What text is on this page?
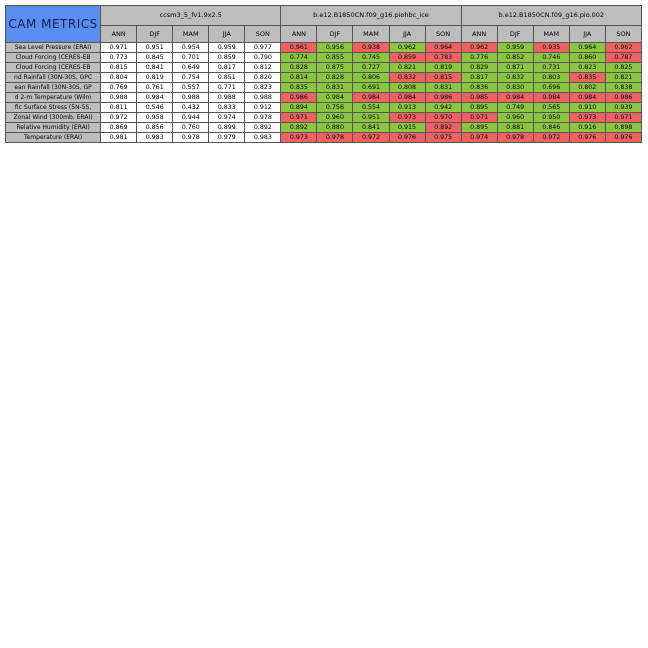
CAM METRICS	ccsm3_5_fv1.9x2.5					b.e12.B1850CN.f09_g16.piohbc_ice					b.e12.B1850CN.f09_g16.pio.002				
	ANN	DJF	MAM	JJA	SON	ANN	DJF	MAM	JJA	SON	ANN	DJF	MAM	JJA	SON
Sea Level Pressure (ERAI)	0.971	0.951	0.954	0.959	0.977	0.961	0.956	0.938	0.962	0.964	0.962	0.959	0.935	0.964	0.962
Cloud Forcing (CERES-EB	0.773	0.845	0.701	0.859	0.790	0.774	0.855	0.745	0.859	0.783	0.776	0.852	0.746	0.860	0.787
Cloud Forcing (CERES-EB	0.815	0.841	0.649	0.817	0.812	0.828	0.875	0.727	0.821	0.819	0.829	0.871	0.731	0.823	0.825
nd Rainfall (30N-30S, GPC	0.804	0.819	0.754	0.851	0.820	0.814	0.828	0.806	0.832	0.815	0.817	0.832	0.803	0.835	0.821
ean Rainfall (30N-30S, GP	0.769	0.761	0.557	0.771	0.823	0.835	0.831	0.691	0.808	0.831	0.836	0.830	0.696	0.802	0.838
d 2-m Temperature (Wilm	0.988	0.984	0.988	0.988	0.988	0.986	0.984	0.984	0.984	0.986	0.985	0.984	0.984	0.984	0.986
fic Surface Stress (5N-5S,	0.811	0.546	0.432	0.833	0.912	0.894	0.756	0.554	0.913	0.942	0.895	0.749	0.565	0.910	0.939
Zonal Wind (300mb, ERAI)	0.972	0.958	0.944	0.974	0.978	0.971	0.960	0.951	0.973	0.970	0.971	0.960	0.950	0.973	0.971
Relative Humidity (ERAI)	0.869	0.856	0.760	0.899	0.892	0.892	0.880	0.841	0.915	0.892	0.895	0.881	0.846	0.916	0.898
Temperature (ERAI)	0.981	0.983	0.978	0.979	0.983	0.973	0.978	0.972	0.976	0.975	0.974	0.978	0.972	0.976	0.976
